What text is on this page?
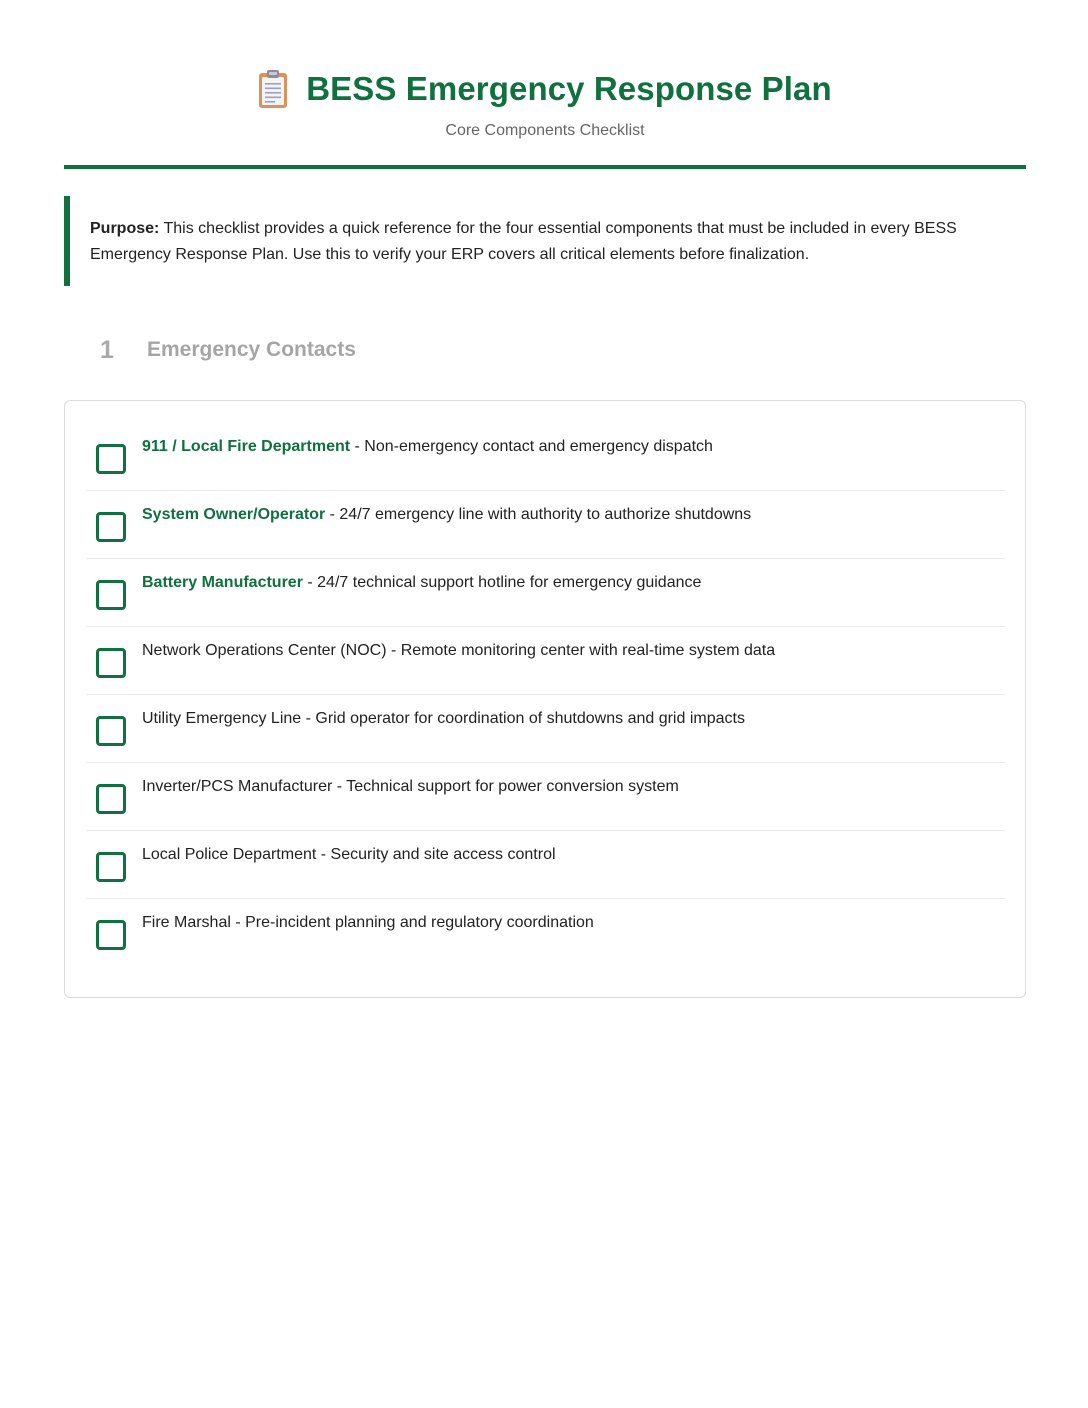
BESS Emergency Response Plan
Core Components Checklist
Purpose: This checklist provides a quick reference for the four essential components that must be included in every BESS
Emergency Response Plan. Use this to verify your ERP covers all critical elements before finalization.
1	Emergency Contacts
911 / Local Fire Department - Non-emergency contact and emergency dispatch
System Owner/Operator - 24/7 emergency line with authority to authorize shutdowns
Battery Manufacturer - 24/7 technical support hotline for emergency guidance
Network Operations Center (NOC) - Remote monitoring center with real-time system data
Utility Emergency Line - Grid operator for coordination of shutdowns and grid impacts
Inverter/PCS Manufacturer - Technical support for power conversion system
Local Police Department - Security and site access control
Fire Marshal - Pre-incident planning and regulatory coordination
